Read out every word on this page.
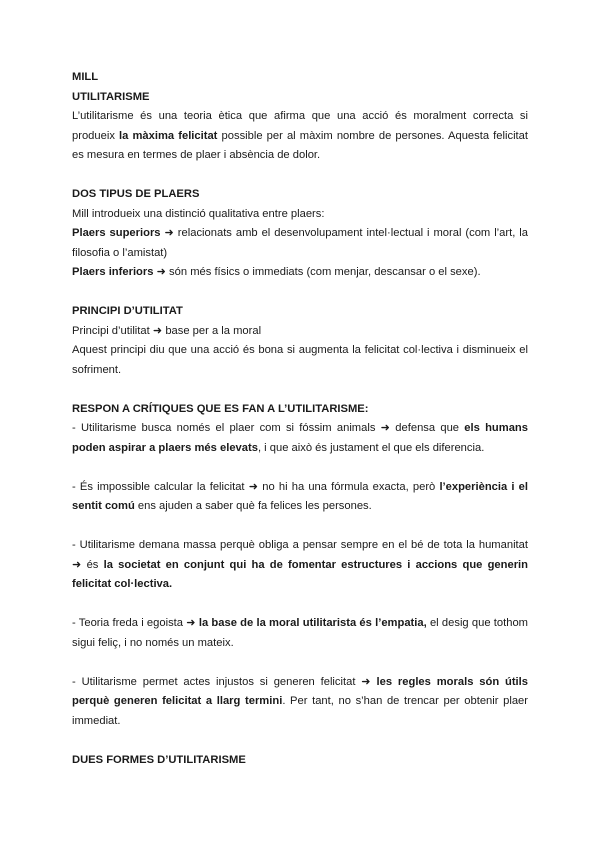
MILL

UTILITARISME

L’utilitarisme és una teoria ètica que afirma que una acció és moralment correcta si produeix la màxima felicitat possible per al màxim nombre de persones. Aquesta felicitat es mesura en termes de plaer i absència de dolor.

DOS TIPUS DE PLAERS

Mill introdueix una distinció qualitativa entre plaers:

Plaers superiors ➜ relacionats amb el desenvolupament intel·lectual i moral (com l’art, la filosofia o l’amistat)

Plaers inferiors ➜ són més físics o immediats (com menjar, descansar o el sexe).

PRINCIPI D’UTILITAT

Principi d’utilitat ➜ base per a la moral

Aquest principi diu que una acció és bona si augmenta la felicitat col·lectiva i disminueix el sofriment.

RESPON A CRÍTIQUES QUE ES FAN A L’UTILITARISME:

- Utilitarisme busca només el plaer com si fóssim animals ➜ defensa que els humans poden aspirar a plaers més elevats, i que això és justament el que els diferencia.

- És impossible calcular la felicitat ➜ no hi ha una fórmula exacta, però l’experiència i el sentit comú ens ajuden a saber què fa felices les persones.

- Utilitarisme demana massa perquè obliga a pensar sempre en el bé de tota la humanitat ➜ és la societat en conjunt qui ha de fomentar estructures i accions que generin felicitat col·lectiva.

- Teoria freda i egoista ➜ la base de la moral utilitarista és l’empatia, el desig que tothom sigui feliç, i no només un mateix.

- Utilitarisme permet actes injustos si generen felicitat ➜ les regles morals són útils perquè generen felicitat a llarg termini. Per tant, no s’han de trencar per obtenir plaer immediat.

DUES FORMES D’UTILITARISME
